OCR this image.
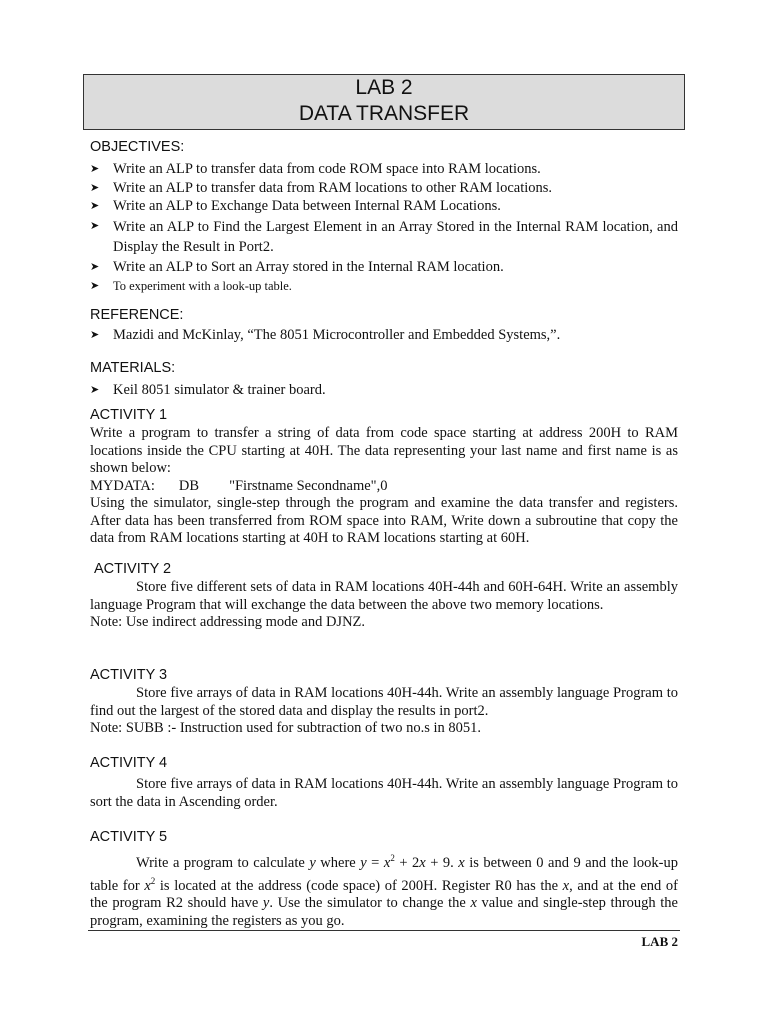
LAB 2
DATA TRANSFER
OBJECTIVES:
➤ Write an ALP to transfer data from code ROM space into RAM locations.
➤ Write an ALP to transfer data from RAM locations to other RAM locations.
➤ Write an ALP to Exchange Data between Internal RAM Locations.
➤ Write an ALP to Find the Largest Element in an Array Stored in the Internal RAM location, and Display the Result in Port2.
➤ Write an ALP to Sort an Array stored in the Internal RAM location.
➤	To experiment with a look-up table.
REFERENCE:
➤ Mazidi and McKinlay, “The 8051 Microcontroller and Embedded Systems,”.
MATERIALS:
➤ Keil 8051 simulator & trainer board.
ACTIVITY 1
Write a program to transfer a string of data from code space starting at address 200H to RAM locations inside the CPU starting at 40H. The data representing your last name and first name is as shown below:
MYDATA: DB "Firstname Secondname",0
Using the simulator, single-step through the program and examine the data transfer and registers. After data has been transferred from ROM space into RAM, Write down a subroutine that copy the data from RAM locations starting at 40H to RAM locations starting at 60H.
ACTIVITY 2
Store five different sets of data in RAM locations 40H-44h and 60H-64H. Write an assembly language Program that will exchange the data between the above two memory locations.
Note: Use indirect addressing mode and DJNZ.
ACTIVITY 3
Store five arrays of data in RAM locations 40H-44h. Write an assembly language Program to find out the largest of the stored data and display the results in port2.
Note: SUBB :- Instruction used for subtraction of two no.s in 8051.
ACTIVITY 4
Store five arrays of data in RAM locations 40H-44h. Write an assembly language Program to sort the data in Ascending order.
ACTIVITY 5
Write a program to calculate y where $y = x^2 + 2x + 9$. x is between 0 and 9 and the look-up table for $x^2$ is located at the address (code space) of 200H. Register R0 has the x, and at the end of the program R2 should have y. Use the simulator to change the x value and single-step through the program, examining the registers as you go.
LAB 2
